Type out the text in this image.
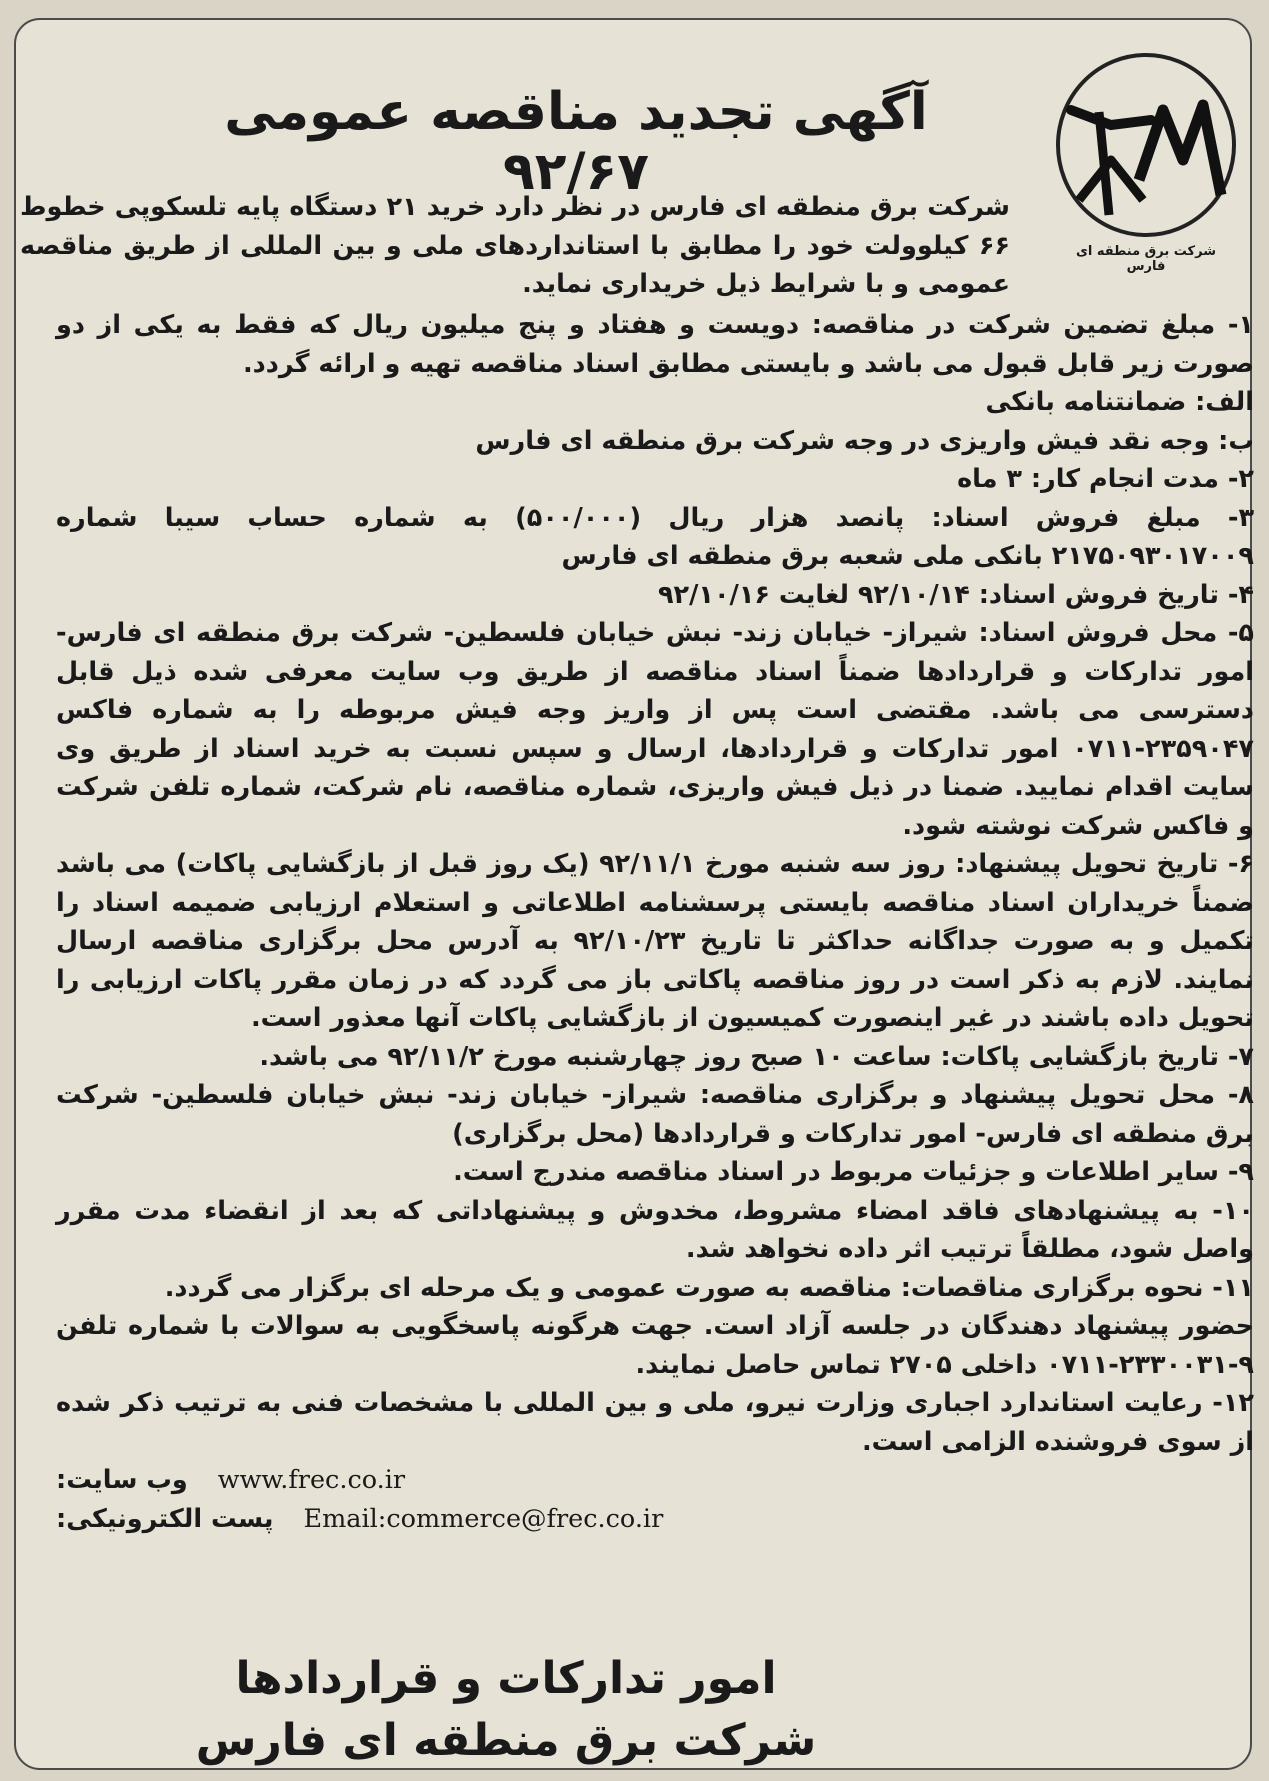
شرکت برق منطقه ای فارس
آگهی تجدید مناقصه عمومی ۹۲/۶۷
شرکت برق منطقه ای فارس در نظر دارد خرید ۲۱ دستگاه پایه تلسکوپی خطوط ۶۶ کیلوولت خود را مطابق با استانداردهای ملی و بین المللی از طریق مناقصه عمومی و با شرایط ذیل خریداری نماید.

۱- مبلغ تضمین شرکت در مناقصه: دویست و هفتاد و پنج میلیون ریال که فقط به یکی از دو صورت زیر قابل قبول می باشد و بایستی مطابق اسناد مناقصه تهیه و ارائه گردد.

الف: ضمانتنامه بانکی

ب: وجه نقد فیش واریزی در وجه شرکت برق منطقه ای فارس

۲- مدت انجام کار: ۳ ماه

۳- مبلغ فروش اسناد: پانصد هزار ریال (۵۰۰/۰۰۰) به شماره حساب سیبا شماره ۲۱۷۵۰۹۳۰۱۷۰۰۹ بانکی ملی شعبه برق منطقه ای فارس

۴- تاریخ فروش اسناد: ۹۲/۱۰/۱۴ لغایت ۹۲/۱۰/۱۶

۵- محل فروش اسناد: شیراز- خیابان زند- نبش خیابان فلسطین- شرکت برق منطقه ای فارس- امور تدارکات و قراردادها ضمناً اسناد مناقصه از طریق وب سایت معرفی شده ذیل قابل دسترسی می باشد. مقتضی است پس از واریز وجه فیش مربوطه را به شماره فاکس ۲۳۵۹۰۴۷-۰۷۱۱ امور تدارکات و قراردادها، ارسال و سپس نسبت به خرید اسناد از طریق وی سایت اقدام نمایید. ضمنا در ذیل فیش واریزی، شماره مناقصه، نام شرکت، شماره تلفن شرکت و فاکس شرکت نوشته شود.

۶- تاریخ تحویل پیشنهاد: روز سه شنبه مورخ ۹۲/۱۱/۱ (یک روز قبل از بازگشایی پاکات) می باشد ضمناً خریداران اسناد مناقصه بایستی پرسشنامه اطلاعاتی و استعلام ارزیابی ضمیمه اسناد را تکمیل و به صورت جداگانه حداکثر تا تاریخ ۹۲/۱۰/۲۳ به آدرس محل برگزاری مناقصه ارسال نمایند. لازم به ذکر است در روز مناقصه پاکاتی باز می گردد که در زمان مقرر پاکات ارزیابی را تحویل داده باشند در غیر اینصورت کمیسیون از بازگشایی پاکات آنها معذور است.

۷- تاریخ بازگشایی پاکات: ساعت ۱۰ صبح روز چهارشنبه مورخ ۹۲/۱۱/۲ می باشد.

۸- محل تحویل پیشنهاد و برگزاری مناقصه: شیراز- خیابان زند- نبش خیابان فلسطین- شرکت برق منطقه ای فارس- امور تدارکات و قراردادها (محل برگزاری)

۹- سایر اطلاعات و جزئیات مربوط در اسناد مناقصه مندرج است.

۱۰- به پیشنهادهای فاقد امضاء مشروط، مخدوش و پیشنهاداتی که بعد از انقضاء مدت مقرر واصل شود، مطلقاً ترتیب اثر داده نخواهد شد.

۱۱- نحوه برگزاری مناقصات: مناقصه به صورت عمومی و یک مرحله ای برگزار می گردد.

حضور پیشنهاد دهندگان در جلسه آزاد است. جهت هرگونه پاسخگویی به سوالات با شماره تلفن ۹-۲۳۳۰۰۳۱-۰۷۱۱ داخلی ۲۷۰۵ تماس حاصل نمایند.

۱۲- رعایت استاندارد اجباری وزارت نیرو، ملی و بین المللی با مشخصات فنی به ترتیب ذکر شده از سوی فروشنده الزامی است.

وب سایت: www.frec.co.ir
پست الکترونیکی: Email:commerce@frec.co.ir
امور تدارکات و قراردادها
شرکت برق منطقه ای فارس
